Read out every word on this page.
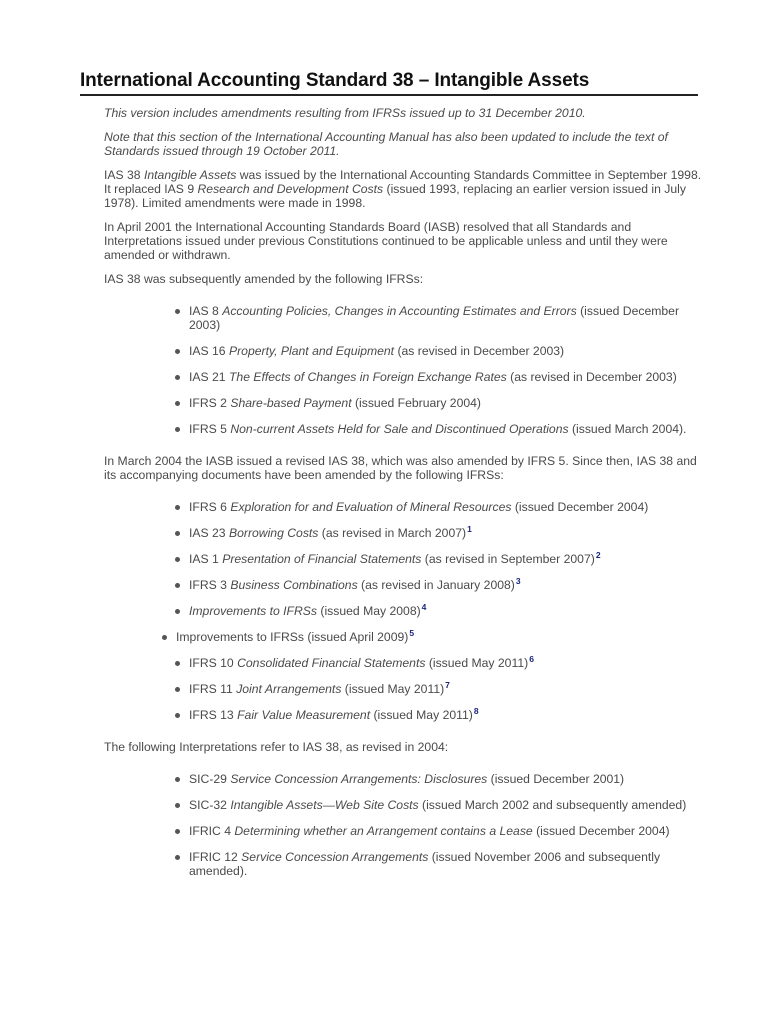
International Accounting Standard 38 – Intangible Assets

This version includes amendments resulting from IFRSs issued up to 31 December 2010.

Note that this section of the International Accounting Manual has also been updated to include the text of Standards issued through 19 October 2011.

IAS 38 Intangible Assets was issued by the International Accounting Standards Committee in September 1998. It replaced IAS 9 Research and Development Costs (issued 1993, replacing an earlier version issued in July 1978). Limited amendments were made in 1998.

In April 2001 the International Accounting Standards Board (IASB) resolved that all Standards and Interpretations issued under previous Constitutions continued to be applicable unless and until they were amended or withdrawn.

IAS 38 was subsequently amended by the following IFRSs:

IAS 8 Accounting Policies, Changes in Accounting Estimates and Errors (issued December 2003)
IAS 16 Property, Plant and Equipment (as revised in December 2003)
IAS 21 The Effects of Changes in Foreign Exchange Rates (as revised in December 2003)
IFRS 2 Share-based Payment (issued February 2004)
IFRS 5 Non-current Assets Held for Sale and Discontinued Operations (issued March 2004).

In March 2004 the IASB issued a revised IAS 38, which was also amended by IFRS 5. Since then, IAS 38 and its accompanying documents have been amended by the following IFRSs:

IFRS 6 Exploration for and Evaluation of Mineral Resources (issued December 2004)
IAS 23 Borrowing Costs (as revised in March 2007)$^1$
IAS 1 Presentation of Financial Statements (as revised in September 2007)$^2$
IFRS 3 Business Combinations (as revised in January 2008)$^3$
Improvements to IFRSs (issued May 2008)$^4$
Improvements to IFRSs (issued April 2009)$^5$
IFRS 10 Consolidated Financial Statements (issued May 2011)$^6$
IFRS 11 Joint Arrangements (issued May 2011)$^7$
IFRS 13 Fair Value Measurement (issued May 2011)$^8$

The following Interpretations refer to IAS 38, as revised in 2004:

SIC-29 Service Concession Arrangements: Disclosures (issued December 2001)
SIC-32 Intangible Assets—Web Site Costs (issued March 2002 and subsequently amended)
IFRIC 4 Determining whether an Arrangement contains a Lease (issued December 2004)
IFRIC 12 Service Concession Arrangements (issued November 2006 and subsequently amended).
